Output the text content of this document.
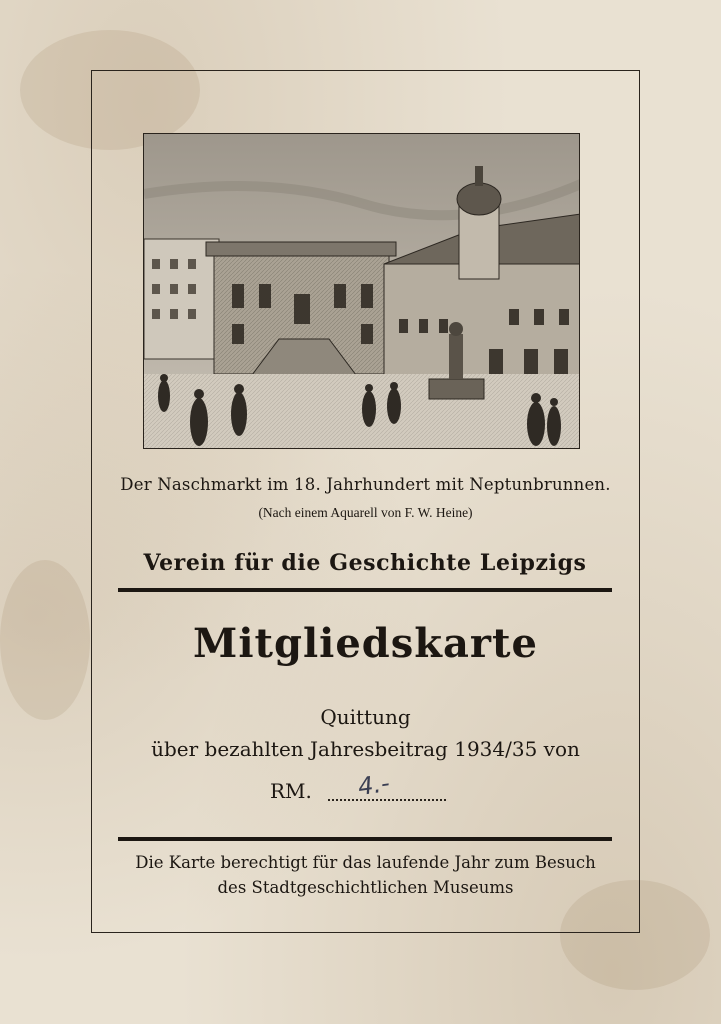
Der Naschmarkt im 18. Jahrhundert mit Neptunbrunnen.
(Nach einem Aquarell von F. W. Heine)
Verein für die Geschichte Leipzigs
Mitgliedskarte
Quittung
über bezahlten Jahresbeitrag 1934/35 von
RM. 4.-
Die Karte berechtigt für das laufende Jahr zum Besuch
des Stadtgeschichtlichen Museums
